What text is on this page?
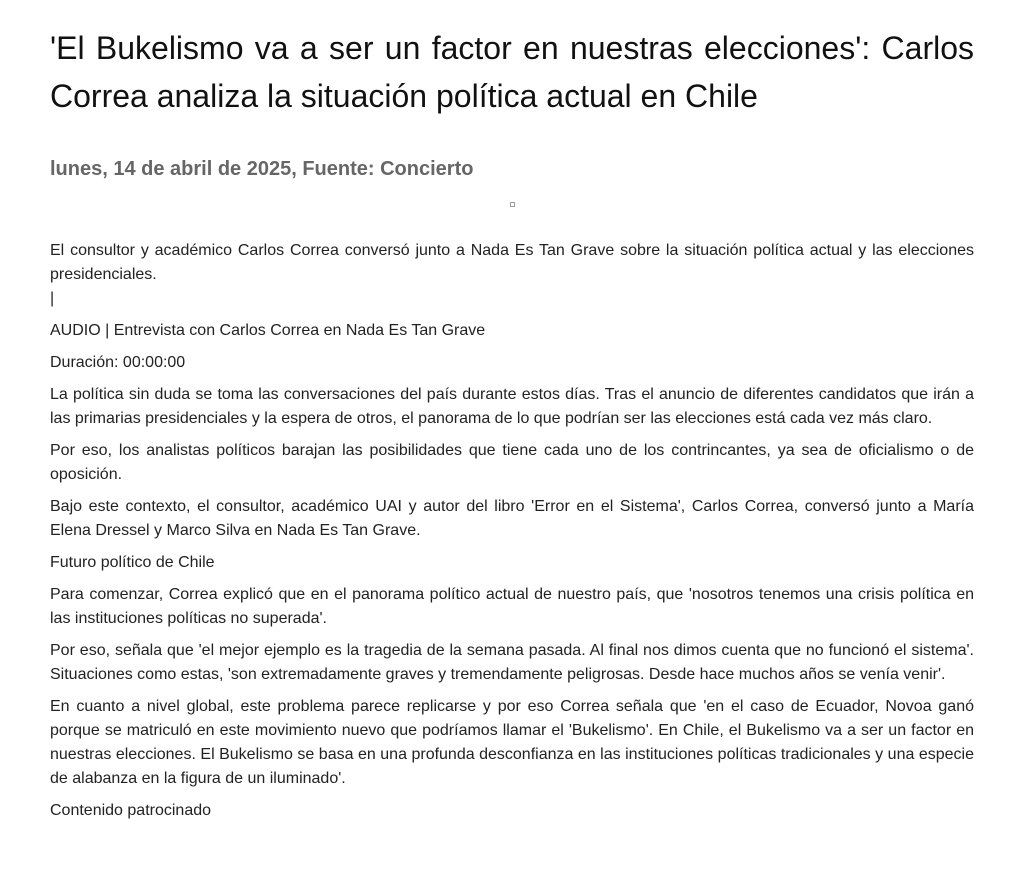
'El Bukelismo va a ser un factor en nuestras elecciones': Carlos Correa analiza la situación política actual en Chile
lunes, 14 de abril de 2025, Fuente: Concierto

El consultor y académico Carlos Correa conversó junto a Nada Es Tan Grave sobre la situación política actual y las elecciones presidenciales.

|

AUDIO | Entrevista con Carlos Correa en Nada Es Tan Grave

Duración: 00:00:00

La política sin duda se toma las conversaciones del país durante estos días. Tras el anuncio de diferentes candidatos que irán a las primarias presidenciales y la espera de otros, el panorama de lo que podrían ser las elecciones está cada vez más claro.

Por eso, los analistas políticos barajan las posibilidades que tiene cada uno de los contrincantes, ya sea de oficialismo o de oposición.

Bajo este contexto, el consultor, académico UAI y autor del libro 'Error en el Sistema', Carlos Correa, conversó junto a María Elena Dressel y Marco Silva en Nada Es Tan Grave.

Futuro político de Chile

Para comenzar, Correa explicó que en el panorama político actual de nuestro país, que 'nosotros tenemos una crisis política en las instituciones políticas no superada'.

Por eso, señala que 'el mejor ejemplo es la tragedia de la semana pasada. Al final nos dimos cuenta que no funcionó el sistema'. Situaciones como estas, 'son extremadamente graves y tremendamente peligrosas. Desde hace muchos años se venía venir'.

En cuanto a nivel global, este problema parece replicarse y por eso Correa señala que 'en el caso de Ecuador, Novoa ganó porque se matriculó en este movimiento nuevo que podríamos llamar el 'Bukelismo'. En Chile, el Bukelismo va a ser un factor en nuestras elecciones. El Bukelismo se basa en una profunda desconfianza en las instituciones políticas tradicionales y una especie de alabanza en la figura de un iluminado'.

Contenido patrocinado
